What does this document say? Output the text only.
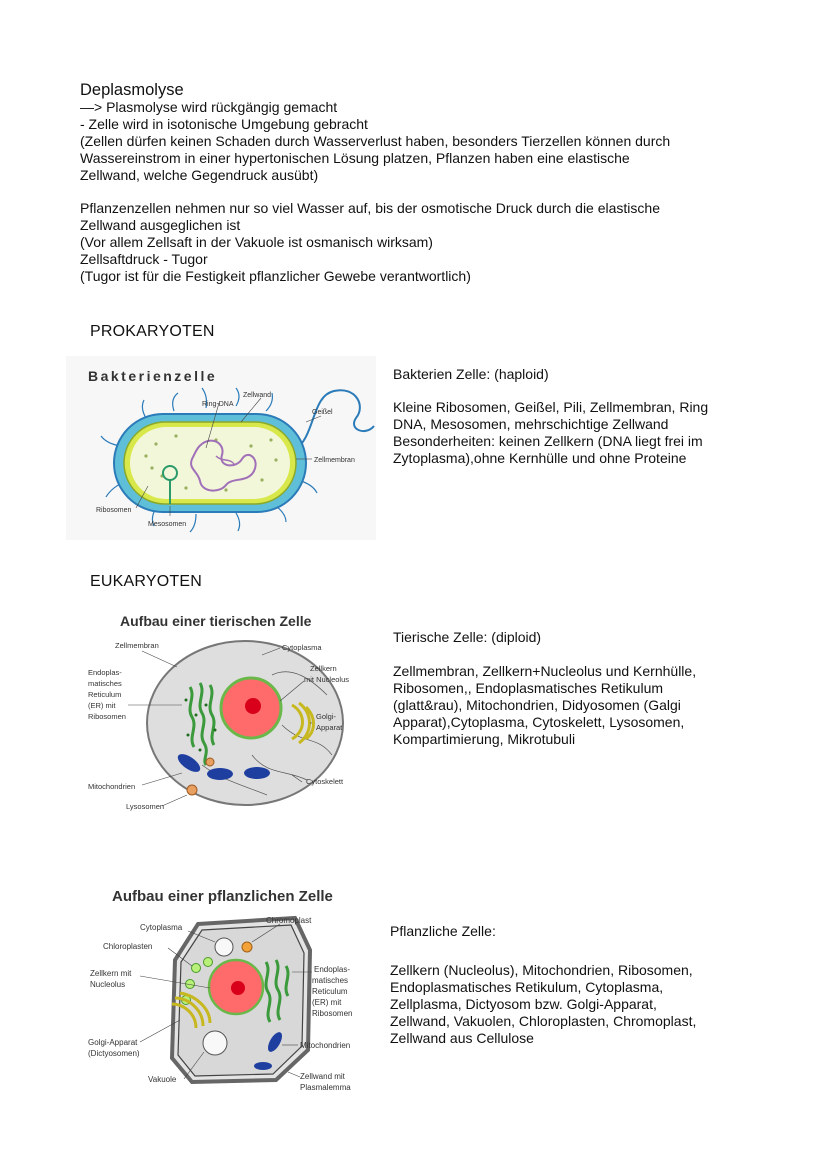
Deplasmolyse
—> Plasmolyse wird rückgängig gemacht
- Zelle wird in isotonische Umgebung gebracht
(Zellen dürfen keinen Schaden durch Wasserverlust haben, besonders Tierzellen können durch
Wassereinstrom in einer hypertonischen Lösung platzen, Pflanzen haben eine elastische
Zellwand, welche Gegendruck ausübt)
Pflanzenzellen nehmen nur so viel Wasser auf, bis der osmotische Druck durch die elastische
Zellwand ausgeglichen ist
(Vor allem Zellsaft in der Vakuole ist osmanisch wirksam)
Zellsaftdruck - Tugor
(Tugor ist für die Festigkeit pflanzlicher Gewebe verantwortlich)
PROKARYOTEN
Bakterienzelle
Zellwand
Ring-DNA
Geißel
Zellmembran
Ribosomen
Mesosomen
Bakterien Zelle: (haploid)
Kleine Ribosomen, Geißel, Pili, Zellmembran, Ring
DNA, Mesosomen, mehrschichtige Zellwand
Besonderheiten: keinen Zellkern (DNA liegt frei im
Zytoplasma),ohne Kernhülle und ohne Proteine
EUKARYOTEN
Aufbau einer tierischen Zelle
Zellmembran	Cytoplasma
Endoplas-
matisches
Reticulum
(ER) mit
Ribosomen
Zellkern
mit Nucleolus
Golgi-
Apparat
Mitochondrien
Cytoskelett
Lysosomen
Tierische Zelle: (diploid)
Zellmembran, Zellkern+Nucleolus und Kernhülle,
Ribosomen,, Endoplasmatisches Retikulum
(glatt&rau), Mitochondrien, Didyosomen (Galgi
Apparat),Cytoplasma, Cytoskelett, Lysosomen,
Kompartimierung, Mikrotubuli
Aufbau einer pflanzlichen Zelle
Cytoplasma
Chromoplast
Chloroplasten
Zellkern mit
Nucleolus
Endoplas-
matisches
Reticulum
(ER) mit
Ribosomen
Golgi-Apparat
(Dictyosomen)
Mitochondrien
Vakuole	Zellwand mit
Plasmalemma
Pflanzliche Zelle:
Zellkern (Nucleolus), Mitochondrien, Ribosomen,
Endoplasmatisches Retikulum, Cytoplasma,
Zellplasma, Dictyosom bzw. Golgi-Apparat,
Zellwand, Vakuolen, Chloroplasten, Chromoplast,
Zellwand aus Cellulose
